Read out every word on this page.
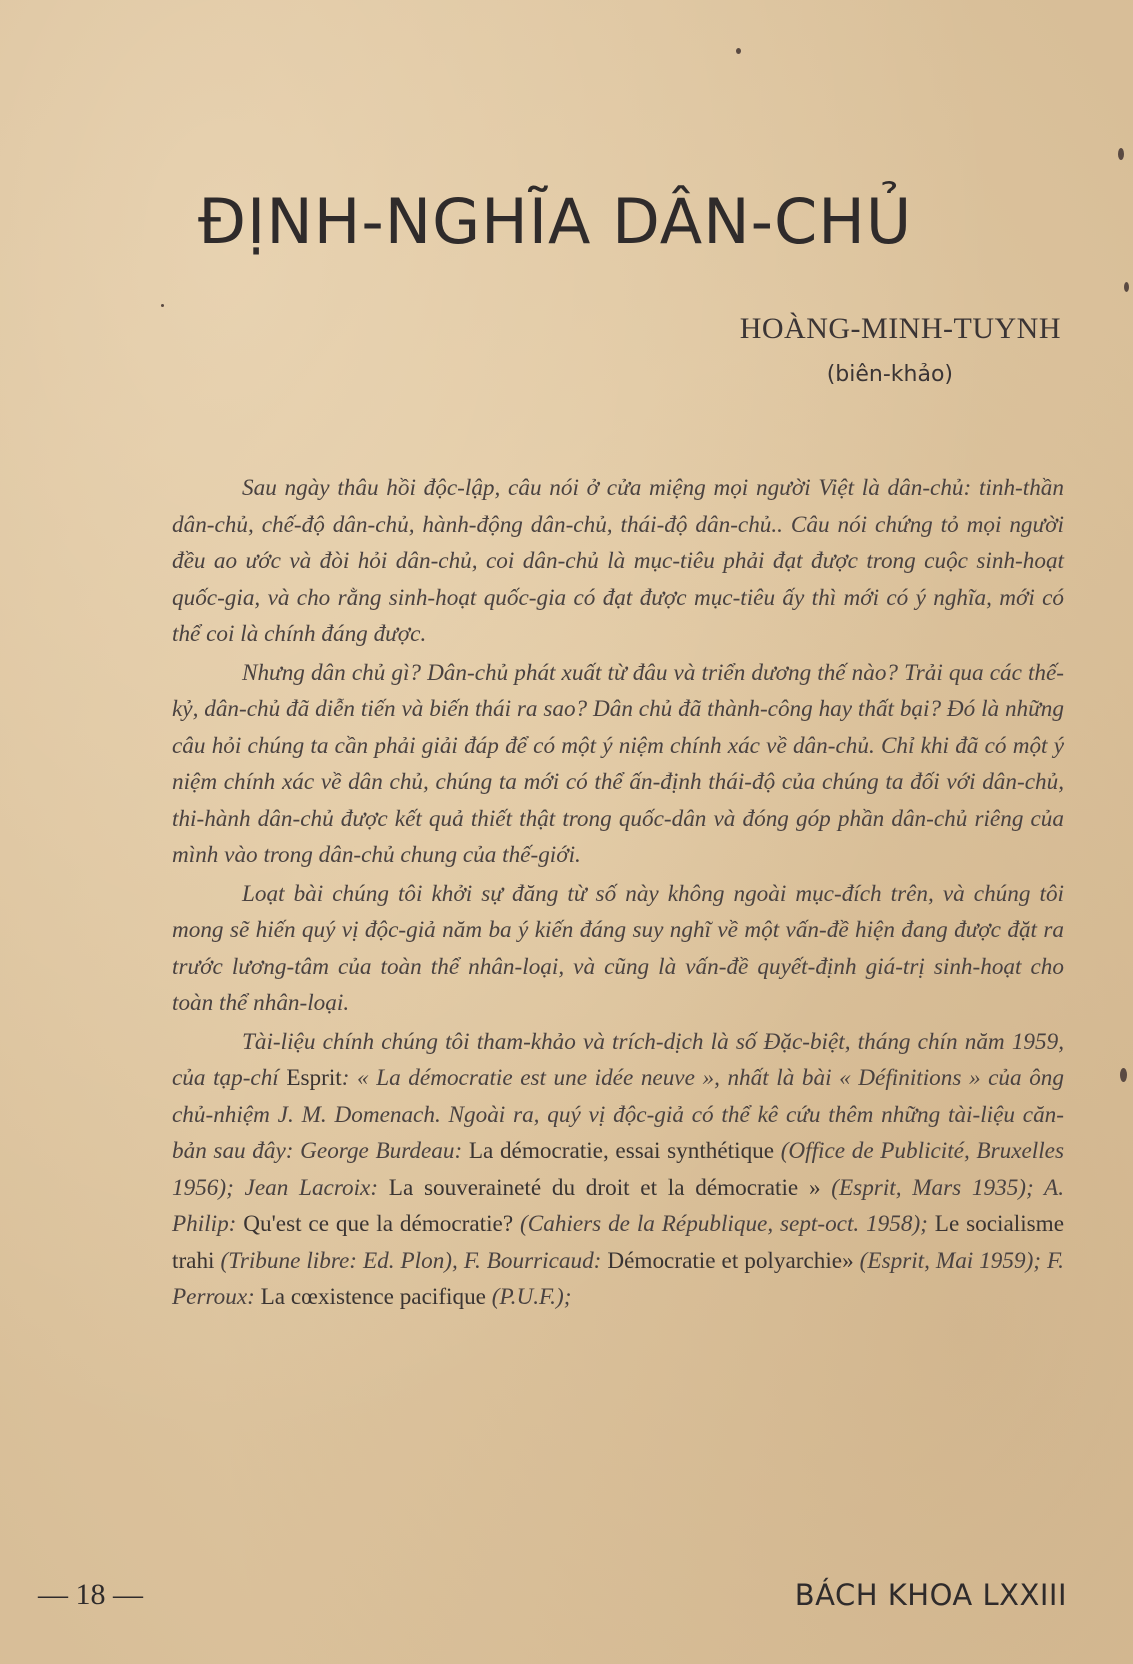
ĐỊNH-NGHĨA DÂN-CHỦ
HOÀNG-MINH-TUYNH
(biên-khảo)

Sau ngày thâu hồi độc-lập, câu nói ở cửa miệng mọi người Việt là dân-chủ: tinh-thần dân-chủ, chế-độ dân-chủ, hành-động dân-chủ, thái-độ dân-chủ.. Câu nói chứng tỏ mọi người đều ao ước và đòi hỏi dân-chủ, coi dân-chủ là mục-tiêu phải đạt được trong cuộc sinh-hoạt quốc-gia, và cho rằng sinh-hoạt quốc-gia có đạt được mục-tiêu ấy thì mới có ý nghĩa, mới có thể coi là chính đáng được.

Nhưng dân chủ gì? Dân-chủ phát xuất từ đâu và triển dương thế nào? Trải qua các thế-kỷ, dân-chủ đã diễn tiến và biến thái ra sao? Dân chủ đã thành-công hay thất bại? Đó là những câu hỏi chúng ta cần phải giải đáp để có một ý niệm chính xác về dân-chủ. Chỉ khi đã có một ý niệm chính xác về dân chủ, chúng ta mới có thể ấn-định thái-độ của chúng ta đối với dân-chủ, thi-hành dân-chủ được kết quả thiết thật trong quốc-dân và đóng góp phần dân-chủ riêng của mình vào trong dân-chủ chung của thế-giới.

Loạt bài chúng tôi khởi sự đăng từ số này không ngoài mục-đích trên, và chúng tôi mong sẽ hiến quý vị độc-giả năm ba ý kiến đáng suy nghĩ về một vấn-đề hiện đang được đặt ra trước lương-tâm của toàn thể nhân-loại, và cũng là vấn-đề quyết-định giá-trị sinh-hoạt cho toàn thể nhân-loại.

Tài-liệu chính chúng tôi tham-khảo và trích-dịch là số Đặc-biệt, tháng chín năm 1959, của tạp-chí Esprit: « La démocratie est une idée neuve », nhất là bài « Définitions » của ông chủ-nhiệm J. M. Domenach. Ngoài ra, quý vị độc-giả có thể kê cứu thêm những tài-liệu căn-bản sau đây: George Burdeau: La démocratie, essai synthétique (Office de Publicité, Bruxelles 1956); Jean Lacroix: La souveraineté du droit et la démocratie » (Esprit, Mars 1935); A. Philip: Qu'est ce que la démocratie? (Cahiers de la République, sept-oct. 1958); Le socialisme trahi (Tribune libre: Ed. Plon), F. Bourricaud: Démocratie et polyarchie» (Esprit, Mai 1959); F. Perroux: La cœxistence pacifique (P.U.F.);

— 18 —	BÁCH KHOA LXXIII
